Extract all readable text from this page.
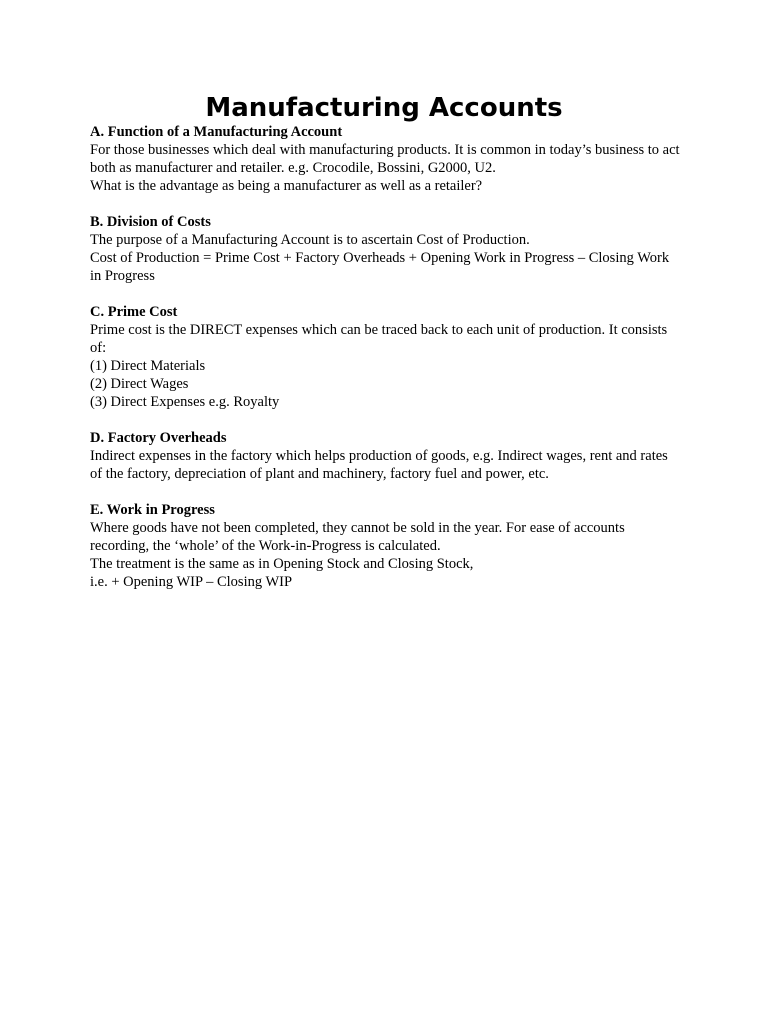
Manufacturing Accounts

A. Function of a Manufacturing Account

For those businesses which deal with manufacturing products. It is common in today’s business to act both as manufacturer and retailer. e.g. Crocodile, Bossini, G2000, U2.

What is the advantage as being a manufacturer as well as a retailer?

B. Division of Costs

The purpose of a Manufacturing Account is to ascertain Cost of Production.

Cost of Production = Prime Cost + Factory Overheads + Opening Work in Progress – Closing Work in Progress

C. Prime Cost

Prime cost is the DIRECT expenses which can be traced back to each unit of production. It consists of:

(1) Direct Materials
(2) Direct Wages
(3) Direct Expenses e.g. Royalty

D. Factory Overheads

Indirect expenses in the factory which helps production of goods, e.g. Indirect wages, rent and rates of the factory, depreciation of plant and machinery, factory fuel and power, etc.

E. Work in Progress

Where goods have not been completed, they cannot be sold in the year. For ease of accounts recording, the ‘whole’ of the Work-in-Progress is calculated.

The treatment is the same as in Opening Stock and Closing Stock,

i.e. + Opening WIP – Closing WIP
